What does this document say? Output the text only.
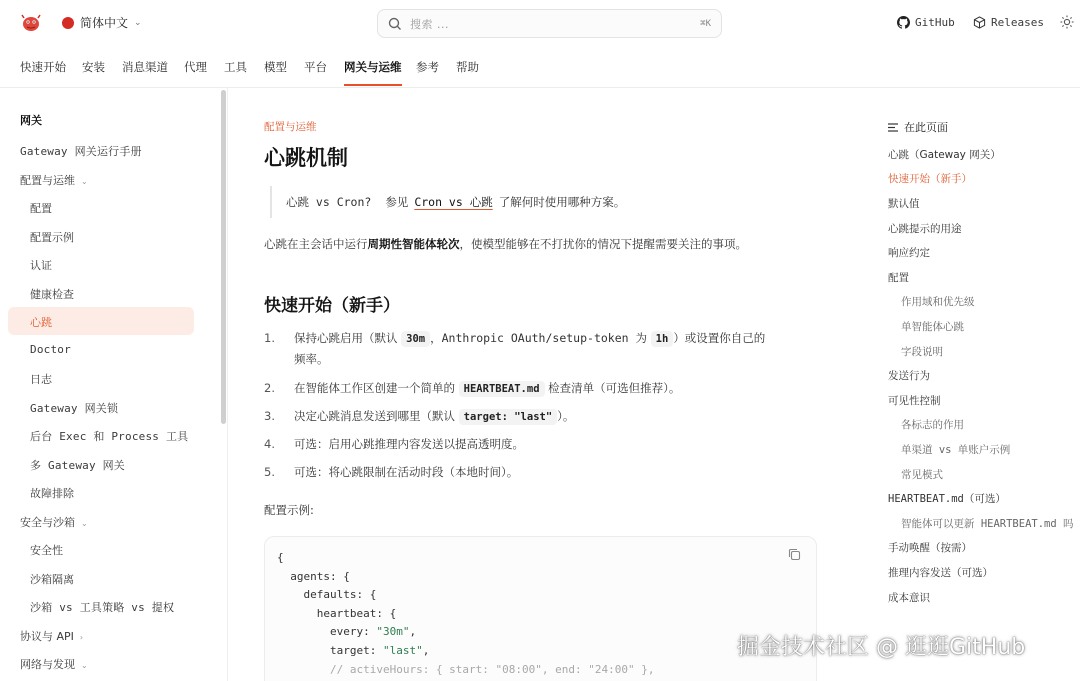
简体中文 ⌄	搜索 ...	⌘K	GitHub	Releases
快速开始 安装 消息渠道 代理 工具 模型 平台 网关与运维 参考 帮助
网关
Gateway 网关运行手册
配置与运维 ⌄
配置
配置示例
认证
健康检查
心跳
Doctor
日志
Gateway 网关锁
后台 Exec 和 Process 工具
多 Gateway 网关
故障排除
安全与沙箱 ⌄
安全性
沙箱隔离
沙箱 vs 工具策略 vs 提权
协议与 API ›
网络与发现 ⌄
配置与运维
心跳机制
心跳 vs Cron? 参见 Cron vs 心跳 了解何时使用哪种方案。
心跳在主会话中运行周期性智能体轮次，使模型能够在不打扰你的情况下提醒需要关注的事项。
快速开始（新手）
1. 保持心跳启用（默认 30m ，Anthropic OAuth/setup-token 为 1h ）或设置你自己的
频率。
2. 在智能体工作区创建一个简单的 HEARTBEAT.md 检查清单（可选但推荐）。
3. 决定心跳消息发送到哪里（默认 target: "last" ）。
4. 可选：启用心跳推理内容发送以提高透明度。
5. 可选：将心跳限制在活动时段（本地时间）。
配置示例:
{
agents: {
defaults: {
heartbeat: {
every: "30m",
target: "last",
// activeHours: { start: "08:00", end: "24:00" },
在此页面
心跳（Gateway 网关）
快速开始（新手）
默认值
心跳提示的用途
响应约定
配置
作用域和优先级
单智能体心跳
字段说明
发送行为
可见性控制
各标志的作用
单渠道 vs 单账户示例
常见模式
HEARTBEAT.md（可选）
智能体可以更新 HEARTBEAT.md 吗
手动唤醒（按需）
推理内容发送（可选）
成本意识
掘金技术社区 @ 逛逛GitHub
